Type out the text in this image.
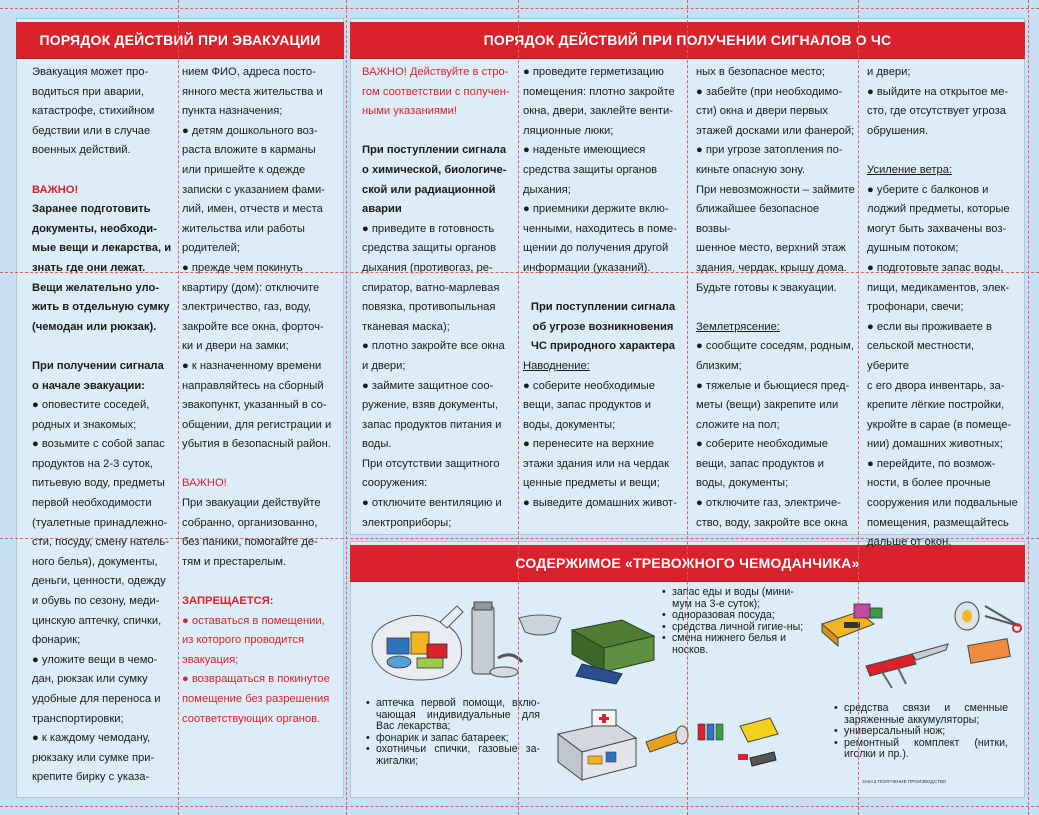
ПОРЯДОК ДЕЙСТВИЙ ПРИ ЭВАКУАЦИИ	ПОРЯДОК ДЕЙСТВИЙ ПРИ ПОЛУЧЕНИИ СИГНАЛОВ О ЧС
СОДЕРЖИМОЕ «ТРЕВОЖНОГО ЧЕМОДАНЧИКА»

Эвакуация может про-

водиться при аварии,

катастрофе, стихийном

бедствии или в случае

военных действий.

ВАЖНО!

Заранее подготовить

документы, необходи-

мые вещи и лекарства, и

знать где они лежат.

Вещи желательно уло-

жить в отдельную сумку

(чемодан или рюкзак).

При получении сигнала

о начале эвакуации:

● оповестите соседей,

родных и знакомых;

● возьмите с собой запас

продуктов на 2-3 суток,

питьевую воду, предметы

первой необходимости

(туалетные принадлежно-

сти, посуду, смену натель-

ного белья), документы,

деньги, ценности, одежду

и обувь по сезону, меди-

цинскую аптечку, спички,

фонарик;

● уложите вещи в чемо-

дан, рюкзак или сумку

удобные для переноса и

транспортировки;

● к каждому чемодану,

рюкзаку или сумке при-

крепите бирку с указа-

нием ФИО, адреса посто-

янного места жительства и

пункта назначения;

● детям дошкольного воз-

раста вложите в карманы

или пришейте к одежде

записки с указанием фами-

лий, имен, отчеств и места

жительства или работы

родителей;

● прежде чем покинуть

квартиру (дом): отключите

электричество, газ, воду,

закройте все окна, форточ-

ки и двери на замки;

● к назначенному времени

направляйтесь на сборный

эвакопункт, указанный в со-

общении, для регистрации и

убытия в безопасный район.

ВАЖНО!

При эвакуации действуйте

собранно, организованно,

без паники, помогайте де-

тям и престарелым.

ЗАПРЕЩАЕТСЯ:

● оставаться в помещении,

из которого проводится

эвакуация;

● возвращаться в покинутое

помещение без разрешения

соответствующих органов.

ВАЖНО! Действуйте в стро-

гом соответствии с получен-

ными указаниями!

При поступлении сигнала

о химической, биологиче-

ской или радиационной

аварии

● приведите в готовность

средства защиты органов

дыхания (противогаз, ре-

спиратор, ватно-марлевая

повязка, противопыльная

тканевая маска);

● плотно закройте все окна

и двери;

● займите защитное соо-

ружение, взяв документы,

запас продуктов питания и

воды.

При отсутствии защитного

сооружения:

● отключите вентиляцию и

электроприборы;

● проведите герметизацию

помещения: плотно закройте

окна, двери, заклейте венти-

ляционные люки;

● наденьте имеющиеся

средства защиты органов

дыхания;

● приемники держите вклю-

ченными, находитесь в поме-

щении до получения другой

информации (указаний).

При поступлении сигнала

об угрозе возникновения

ЧС природного характера

Наводнение:

● соберите необходимые

вещи, запас продуктов и

воды, документы;

● перенесите на верхние

этажи здания или на чердак

ценные предметы и вещи;

● выведите домашних живот-

ных в безопасное место;

● забейте (при необходимо-

сти) окна и двери первых

этажей досками или фанерой;

● при угрозе затопления по-

киньте опасную зону.

При невозможности – займите

ближайшее безопасное возвы-

шенное место, верхний этаж

здания, чердак, крышу дома.

Будьте готовы к эвакуации.

Землетрясение:

● сообщите соседям, родным,

близким;

● тяжелые и бьющиеся пред-

меты (вещи) закрепите или

сложите на пол;

● соберите необходимые

вещи, запас продуктов и

воды, документы;

● отключите газ, электриче-

ство, воду, закройте все окна

и двери;

● выйдите на открытое ме-

сто, где отсутствует угроза

обрушения.

Усиление ветра:

● уберите с балконов и

лоджий предметы, которые

могут быть захвачены воз-

душным потоком;

● подготовьте запас воды,

пищи, медикаментов, элек-

трофонари, свечи;

● если вы проживаете в

сельской местности, уберите

с его двора инвентарь, за-

крепите лёгкие постройки,

укройте в сарае (в помеще-

нии) домашних животных;

● перейдите, по возмож-

ности, в более прочные

сооружения или подвальные

помещения, размещайтесь

дальше от окон.

• запас еды и воды (мини-мум на 3-е суток);
• одноразовая посуда;
• средства личной гигие-ны;
• смена нижнего белья и носков.
• аптечка первой помощи, вклю-чающая индивидуальные для Вас лекарства;
• фонарик и запас батареек;
• охотничьи спички, газовые за-жигалки;
• средства связи и сменные заряженные аккумуляторы;
• универсальный нож;
• ремонтный комплект (нитки, иголки и пр.).
ЗАКАЗ ПОЛУЧЕНИЕ ПРОИЗВОДСТВО
